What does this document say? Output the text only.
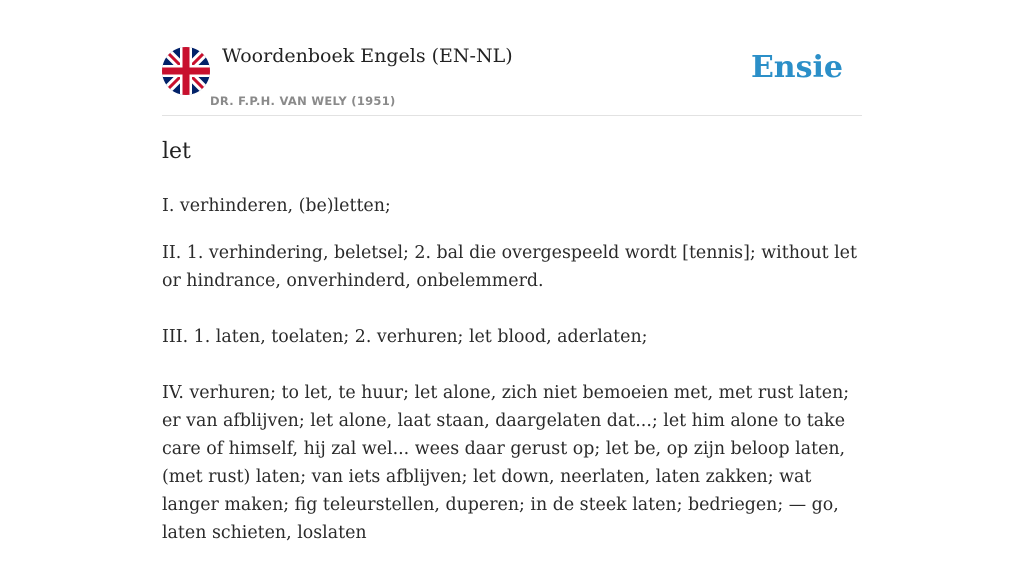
Woordenboek Engels (EN-NL)
DR. F.P.H. VAN WELY (1951)
Ensie
let

I. verhinderen, (be)letten;

II. 1. verhindering, beletsel; 2. bal die overgespeeld wordt [tennis]; without let or hindrance, onverhinderd, onbelemmerd.

III. 1. laten, toelaten; 2. verhuren; let blood, aderlaten;

IV. verhuren; to let, te huur; let alone, zich niet bemoeien met, met rust laten; er van afblijven; let alone, laat staan, daargelaten dat...; let him alone to take care of himself, hij zal wel... wees daar gerust op; let be, op zijn beloop laten, (met rust) laten; van iets afblijven; let down, neerlaten, laten zakken; wat langer maken; fig teleurstellen, duperen; in de steek laten; bedriegen; — go, laten schieten, loslaten
